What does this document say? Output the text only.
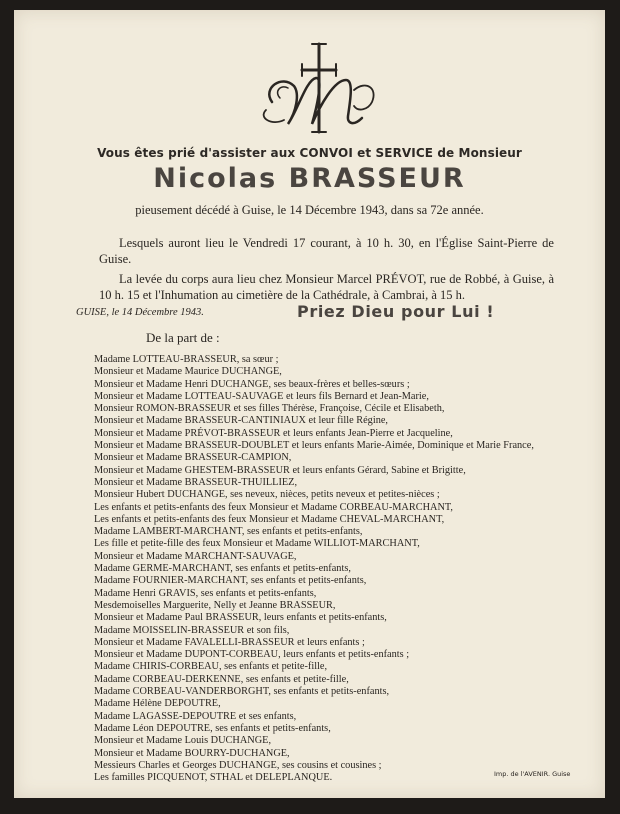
Vous êtes prié d'assister aux CONVOI et SERVICE de Monsieur
Nicolas BRASSEUR
pieusement décédé à Guise, le 14 Décembre 1943, dans sa 72e année.
Lesquels auront lieu le Vendredi 17 courant, à 10 h. 30, en l'Église Saint-Pierre de Guise.
La levée du corps aura lieu chez Monsieur Marcel PRÉVOT, rue de Robbé, à Guise, à 10 h. 15 et l'Inhumation au cimetière de la Cathédrale, à Cambrai, à 15 h.
GUISE, le 14 Décembre 1943.	Priez Dieu pour Lui !
De la part de :
Madame LOTTEAU-BRASSEUR, sa sœur ;
Monsieur et Madame Maurice DUCHANGE,
Monsieur et Madame Henri DUCHANGE, ses beaux-frères et belles-sœurs ;
Monsieur et Madame LOTTEAU-SAUVAGE et leurs fils Bernard et Jean-Marie,
Monsieur ROMON-BRASSEUR et ses filles Thérèse, Françoise, Cécile et Elisabeth,
Monsieur et Madame BRASSEUR-CANTINIAUX et leur fille Régine,
Monsieur et Madame PRÉVOT-BRASSEUR et leurs enfants Jean-Pierre et Jacqueline,
Monsieur et Madame BRASSEUR-DOUBLET et leurs enfants Marie-Aimée, Dominique et Marie France,
Monsieur et Madame BRASSEUR-CAMPION,
Monsieur et Madame GHESTEM-BRASSEUR et leurs enfants Gérard, Sabine et Brigitte,
Monsieur et Madame BRASSEUR-THUILLIEZ,
Monsieur Hubert DUCHANGE, ses neveux, nièces, petits neveux et petites-nièces ;
Les enfants et petits-enfants des feux Monsieur et Madame CORBEAU-MARCHANT,
Les enfants et petits-enfants des feux Monsieur et Madame CHEVAL-MARCHANT,
Madame LAMBERT-MARCHANT, ses enfants et petits-enfants,
Les fille et petite-fille des feux Monsieur et Madame WILLIOT-MARCHANT,
Monsieur et Madame MARCHANT-SAUVAGE,
Madame GERME-MARCHANT, ses enfants et petits-enfants,
Madame FOURNIER-MARCHANT, ses enfants et petits-enfants,
Madame Henri GRAVIS, ses enfants et petits-enfants,
Mesdemoiselles Marguerite, Nelly et Jeanne BRASSEUR,
Monsieur et Madame Paul BRASSEUR, leurs enfants et petits-enfants,
Madame MOISSELIN-BRASSEUR et son fils,
Monsieur et Madame FAVALELLI-BRASSEUR et leurs enfants ;
Monsieur et Madame DUPONT-CORBEAU, leurs enfants et petits-enfants ;
Madame CHIRIS-CORBEAU, ses enfants et petite-fille,
Madame CORBEAU-DERKENNE, ses enfants et petite-fille,
Madame CORBEAU-VANDERBORGHT, ses enfants et petits-enfants,
Madame Hélène DEPOUTRE,
Madame LAGASSE-DEPOUTRE et ses enfants,
Madame Léon DEPOUTRE, ses enfants et petits-enfants,
Monsieur et Madame Louis DUCHANGE,
Monsieur et Madame BOURRY-DUCHANGE,
Messieurs Charles et Georges DUCHANGE, ses cousins et cousines ;
Les familles PICQUENOT, STHAL et DELEPLANQUE.	Imp. de l'AVENIR. Guise
